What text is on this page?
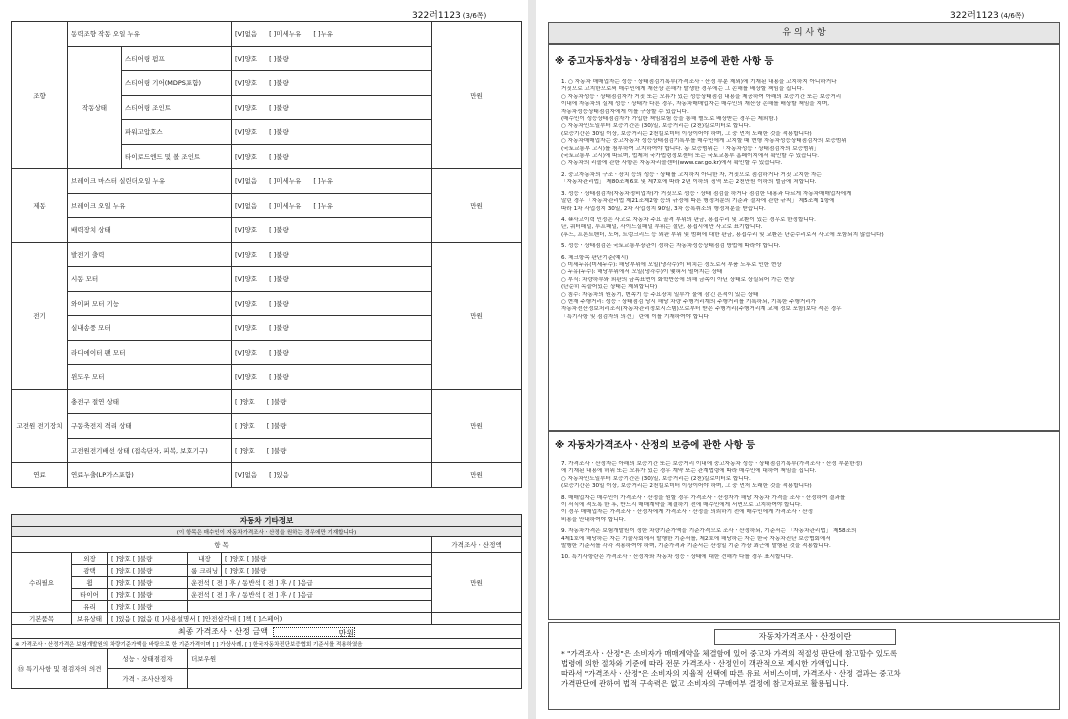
322러1123 (3/6쪽)
조향	동력조향 작동 오일 누유		[V]없음 [ ]미세누유 [ ]누유	만원
	작동상태	스티어링 펌프	[V]양호 [ ]불량	
		스티어링 기어(MDPS포함)	[V]양호 [ ]불량	
		스티어링 조인트	[V]양호 [ ]불량	
		파워고압호스	[V]양호 [ ]불량	
		타이로드엔드 및 볼 조인트	[V]양호 [ ]불량	
제동	브레이크 마스터 실린더오일 누유		[V]없음 [ ]미세누유 [ ]누유	만원
	브레이크 오일 누유		[V]없음 [ ]미세누유 [ ]누유	
	배력장치 상태		[V]양호 [ ]불량	
전기	발전기 출력		[V]양호 [ ]불량	만원
	시동 모터		[V]양호 [ ]불량	
	와이퍼 모터 기능		[V]양호 [ ]불량	
	실내송풍 모터		[V]양호 [ ]불량	
	라디에이터 팬 모터		[V]양호 [ ]불량	
	윈도우 모터		[V]양호 [ ]불량	
고전원 전기장치	충전구 절연 상태		[ ]양호 [ ]불량	만원
	구동축전지 격리 상태		[ ]양호 [ ]불량	
	고전원전기배선 상태 (접속단자, 피복, 보호기구)		[ ]양호 [ ]불량	
연료	연료누출(LP가스포함)		[V]없음 [ ]있음	만원
자동차 기타정보					
(이 항목은 매수인이 자동차가격조사ㆍ산정을 원하는 경우에만 기재합니다)					
항 목					가격조사ㆍ산정액
수리필요	외장	[ ]양호 [ ]불량	내장	[ ]양호 [ ]불량	만원
	광택	[ ]양호 [ ]불량	룸 크리닝	[ ]양호 [ ]불량	
	휠	[ ]양호 [ ]불량	운전석 [ 전 ] 후 / 동반석 [ 전 ] 후 / [ ]응급		
	타이어	[ ]양호 [ ]불량	운전석 [ 전 ] 후 / 동반석 [ 전 ] 후 / [ ]응급		
	유리	[ ]양호 [ ]불량			
기본품목	보유상태	[ ]있음 [ ]없음 ([ ]사용설명서 [ ]안전삼각대 [ ]책 [ ]스페어)			
최종 가격조사ㆍ산정 금액 만원					
※ 가격조사ㆍ산정가격은 보험개발원의 차량기준가액을 바탕으로 한 기준가격이며 [ ] 가상사례, [ ] 한국자동차진단보증협회 기준서를 적용하였음					
⑮ 특기사항 및 점검자의 의견		성능ㆍ상태점검자	더보우원		
		가격ㆍ조사산정자			
322러1123 (4/6쪽)
유 의 사 항
※ 중고자동차성능ㆍ상태점검의 보증에 관한 사항 등

1. ○ 자동차 매매업자는 성능ㆍ상태점검기록부(가격조사ㆍ산정 부분 제외)에 기재된 내용을 고지하지 아니하거나

거짓으로 고지한으로써 매수인에게 재산상 손해가 발생한 경우에는 그 손해를 배상할 책임을 집니다.

○ 자동차성능ㆍ상태점검자가 거짓 또는 오류가 있는 성능상태점검 내용을 제공하여 아래의 보증기간 또는 보증거리

이내에 자동차의 실제 성능ㆍ상태가 다른 경우, 자동차매매업자는 매수인의 재산상 손해를 배상할 책임을 지며,

자동차성능상태점검자에게 이를 구상할 수 있습니다.

(매수인이 성능상태점검자가 가입한 책임보험 등을 통해 별도로 배상받는 경우는 제외함.)

○ 자동차인도일부터 보증기간은 (30)일, 보증거리는 (2천)킬로미터로 합니다.

(보증기간은 30일 이상, 보증거리는 2천킬로미터 이상이어야 하며, 그 중 먼저 도래한 것을 적용합니다)

○ 자동차매매업자는 중고자동차 성능상태점검기록부를 매수인에게 고지할 때 현행 자동차성능상태점검자의 보증범위

(국토교통부 고시)를 첨부하여 고지하여야 합니다. 동 보증범위는 「자동차성능ㆍ상태점검자의 보증범위」

(국토교통부 고시)에 따르며, 법제처 국가법령정보센터 또는 국토교통부 홈페이지에서 확인할 수 있습니다.

○ 자동차의 리콜에 관한 사항은 자동차리콜센터(www.car.go.kr)에서 확인할 수 있습니다.

2. 중고자동차의 구조ㆍ장치 등의 성능ㆍ상태를 고지하지 아니한 자, 거짓으로 점검하거나 거짓 고지한 자는

「자동차관리법」 제80조제6호 및 제7호에 따라 2년 이하의 징역 또는 2천만원 이하의 벌금에 처합니다.

3. 성능ㆍ상태점검자(자동차정비업자)가 거짓으로 성능ㆍ상태 점검을 하거나 점검한 내용과 다르게 자동차매매업자에게

알린 경우 「자동차관리법 제21조제2항 등의 규정에 따른 행정처분의 기준과 절차에 관한 규칙」 제5조제 1항에

따라 1차 사업정지 30일, 2차 사업정지 90일, 3차 등록취소의 행정처분을 받습니다.

4. ⑩사고이력 인정은 사고로 자동차 주요 골격 부위의 판금, 용접수리 및 교환이 있는 경우로 한정합니다.

단, 쿼터패널, 루프패널, 사이드실패널 부위는 절단, 용접시에만 사고로 표기합니다.

(후드, 프론트펜더, 도어, 트렁크리드 등 외판 부위 및 범퍼에 대한 판금, 용접수리 및 교환은 단순수리로서 사고에 포함되지 않습니다)

5. 성능ㆍ상태점검은 국토교통부장관이 정하는 자동차성능상태점검 방법에 따라야 합니다.

6. 체크항목 판단기준(예시)

○ 미세누유(미세누수): 해당부위에 오일(냉각수)이 비치는 정도로서 부품 노후로 인한 현상

○ 누유(누수): 해당부위에서 오일(냉각수)이 맺혀서 떨어지는 상태

○ 부식: 차량하부와 외판의 금속표면이 화학반응에 의해 금속이 아닌 상태로 상실되어 가는 현상

(단순히 녹슬어있는 상태는 제외합니다)

○ 침수: 자동차의 원동기, 변속기 등 주요장치 일부가 물에 잠긴 흔적이 있는 상태

○ 현재 주행거리: 성능ㆍ상태점검 당시 해당 차량 주행거리계의 주행거리를 기록하되, 기록한 주행거리가

자동차전산정보처리조직(자동차관리정보시스템)으로부터 받은 주행거리(주행거리계 교체 정보 포함)보다 적은 경우

「특기사항 및 점검자의 의견」 란에 이를 기재하여야 합니다

※ 자동차가격조사ㆍ산정의 보증에 관한 사항 등

7. 가격조사ㆍ산정자는 아래의 보증기간 또는 보증거리 이내에 중고자동차 성능ㆍ상태점검기록부(가격조사ㆍ산정 부분한정)

에 기재된 내용에 허위 또는 오류가 있는 경우 계약 또는 관계법령에 따라 매수인에 대하여 책임을 집니다.

○ 자동차인도일부터 보증기간은 (30)일, 보증거리는 (2천)킬로미터로 합니다.

(보증기간은 30일 이상, 보증거리는 2천킬로미터 이상이어야 하며, 그 중 먼저 도래한 것을 적용합니다)

8. 매매업자는 매수인이 가격조사ㆍ산정을 원할 경우 가격조사ㆍ산정자가 해당 자동차 가격을 조사ㆍ산정하여 결과를

이 서식에 적도록 한 후, 반드시 매매계약을 체결하기 전에 매수인에게 서면으로 고지하여야 합니다.

이 경우 매매업자는 가격조사ㆍ산정자에게 가격조사ㆍ산정을 의뢰하기 전에 매수인에게 가격조사ㆍ산정

비용을 안내하여야 합니다.

9. 자동차가격은 보험개발원이 정한 차량기준가액을 기준가격으로 조사ㆍ산정하되, 기준서는 「자동차관리법」 제58조의

4제1호에 해당하는 자는 기술사회에서 발행한 기준서를, 제2호에 해당하는 자는 한국 자동차진단 보증협회에서

발행한 기준서를 각각 적용하여야 하며, 기준가격과 기준서는 산정일 기준 가장 최근에 발행된 것을 적용합니다.

10. 특기사항란은 가격조사ㆍ산정자와 자동차 성능ㆍ상태에 대한 견해가 다를 경우 표시합니다.

자동차가격조사ㆍ산정이란

* "가격조사ㆍ산정"은 소비자가 매매계약을 체결함에 있어 중고차 가격의 적절성 판단에 참고할수 있도록

법령에 의한 절차와 기준에 따라 전문 가격조사ㆍ산정인이 객관적으로 제시한 가액입니다.

따라서 "가격조사ㆍ산정"은 소비자의 지율적 선택에 따른 유료 서비스이며, 가격조사ㆍ산정 결과는 중고차

가격판단에 관하여 법적 구속력은 없고 소비자의 구매여부 결정에 참고자료로 활용됩니다.
